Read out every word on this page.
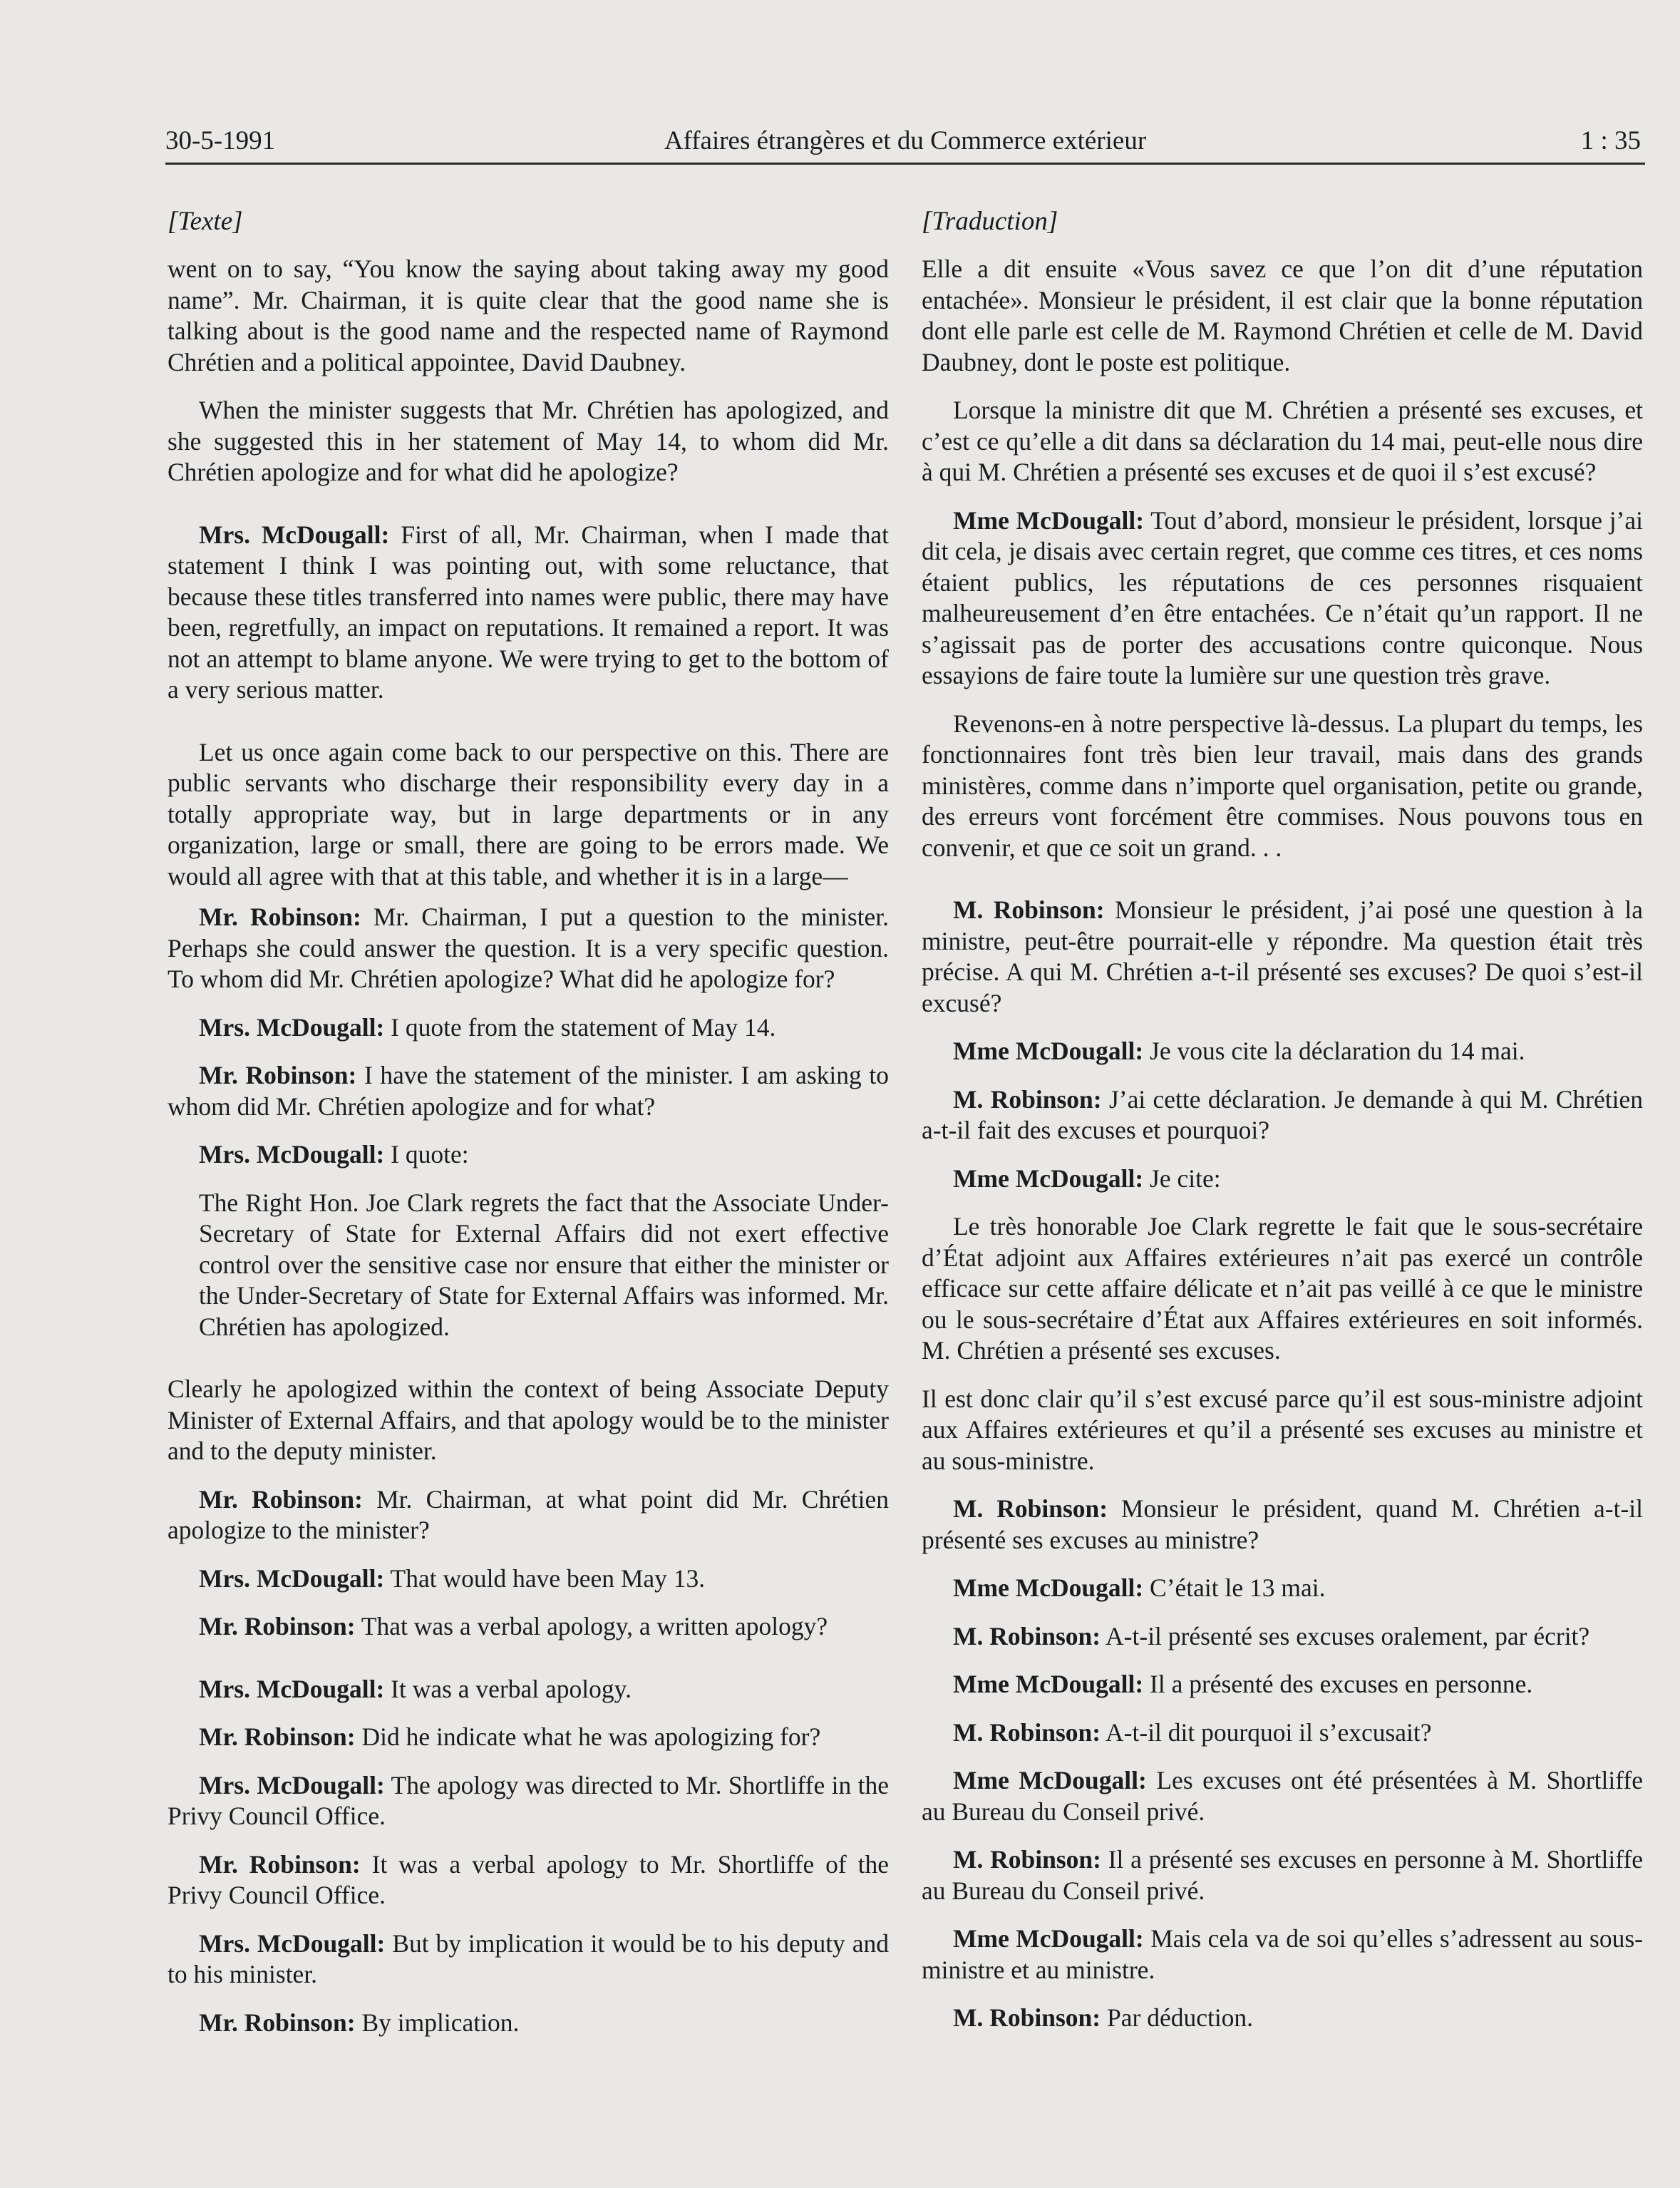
30-5-1991	Affaires étrangères et du Commerce extérieur	1 : 35
[Texte]

went on to say, “You know the saying about taking away my good name”. Mr. Chairman, it is quite clear that the good name she is talking about is the good name and the respected name of Raymond Chrétien and a political appointee, David Daubney.

When the minister suggests that Mr. Chrétien has apologized, and she suggested this in her statement of May 14, to whom did Mr. Chrétien apologize and for what did he apologize?

Mrs. McDougall: First of all, Mr. Chairman, when I made that statement I think I was pointing out, with some reluctance, that because these titles transferred into names were public, there may have been, regretfully, an impact on reputations. It remained a report. It was not an attempt to blame anyone. We were trying to get to the bottom of a very serious matter.

Let us once again come back to our perspective on this. There are public servants who discharge their responsibility every day in a totally appropriate way, but in large departments or in any organization, large or small, there are going to be errors made. We would all agree with that at this table, and whether it is in a large—

Mr. Robinson: Mr. Chairman, I put a question to the minister. Perhaps she could answer the question. It is a very specific question. To whom did Mr. Chrétien apologize? What did he apologize for?

Mrs. McDougall: I quote from the statement of May 14.

Mr. Robinson: I have the statement of the minister. I am asking to whom did Mr. Chrétien apologize and for what?

Mrs. McDougall: I quote:

The Right Hon. Joe Clark regrets the fact that the Associate Under-Secretary of State for External Affairs did not exert effective control over the sensitive case nor ensure that either the minister or the Under-Secretary of State for External Affairs was informed. Mr. Chrétien has apologized.

Clearly he apologized within the context of being Associate Deputy Minister of External Affairs, and that apology would be to the minister and to the deputy minister.

Mr. Robinson: Mr. Chairman, at what point did Mr. Chrétien apologize to the minister?

Mrs. McDougall: That would have been May 13.

Mr. Robinson: That was a verbal apology, a written apology?

Mrs. McDougall: It was a verbal apology.

Mr. Robinson: Did he indicate what he was apologizing for?

Mrs. McDougall: The apology was directed to Mr. Shortliffe in the Privy Council Office.

Mr. Robinson: It was a verbal apology to Mr. Shortliffe of the Privy Council Office.

Mrs. McDougall: But by implication it would be to his deputy and to his minister.

Mr. Robinson: By implication.

[Traduction]

Elle a dit ensuite «Vous savez ce que l’on dit d’une réputation entachée». Monsieur le président, il est clair que la bonne réputation dont elle parle est celle de M. Raymond Chrétien et celle de M. David Daubney, dont le poste est politique.

Lorsque la ministre dit que M. Chrétien a présenté ses excuses, et c’est ce qu’elle a dit dans sa déclaration du 14 mai, peut-elle nous dire à qui M. Chrétien a présenté ses excuses et de quoi il s’est excusé?

Mme McDougall: Tout d’abord, monsieur le président, lorsque j’ai dit cela, je disais avec certain regret, que comme ces titres, et ces noms étaient publics, les réputations de ces personnes risquaient malheureusement d’en être entachées. Ce n’était qu’un rapport. Il ne s’agissait pas de porter des accusations contre quiconque. Nous essayions de faire toute la lumière sur une question très grave.

Revenons-en à notre perspective là-dessus. La plupart du temps, les fonctionnaires font très bien leur travail, mais dans des grands ministères, comme dans n’importe quel organisation, petite ou grande, des erreurs vont forcément être commises. Nous pouvons tous en convenir, et que ce soit un grand. . .

M. Robinson: Monsieur le président, j’ai posé une question à la ministre, peut-être pourrait-elle y répondre. Ma question était très précise. A qui M. Chrétien a-t-il présenté ses excuses? De quoi s’est-il excusé?

Mme McDougall: Je vous cite la déclaration du 14 mai.

M. Robinson: J’ai cette déclaration. Je demande à qui M. Chrétien a-t-il fait des excuses et pourquoi?

Mme McDougall: Je cite:

Le très honorable Joe Clark regrette le fait que le sous-secrétaire d’État adjoint aux Affaires extérieures n’ait pas exercé un contrôle efficace sur cette affaire délicate et n’ait pas veillé à ce que le ministre ou le sous-secrétaire d’État aux Affaires extérieures en soit informés. M. Chrétien a présenté ses excuses.

Il est donc clair qu’il s’est excusé parce qu’il est sous-ministre adjoint aux Affaires extérieures et qu’il a présenté ses excuses au ministre et au sous-ministre.

M. Robinson: Monsieur le président, quand M. Chrétien a-t-il présenté ses excuses au ministre?

Mme McDougall: C’était le 13 mai.

M. Robinson: A-t-il présenté ses excuses oralement, par écrit?

Mme McDougall: Il a présenté des excuses en personne.

M. Robinson: A-t-il dit pourquoi il s’excusait?

Mme McDougall: Les excuses ont été présentées à M. Shortliffe au Bureau du Conseil privé.

M. Robinson: Il a présenté ses excuses en personne à M. Shortliffe au Bureau du Conseil privé.

Mme McDougall: Mais cela va de soi qu’elles s’adressent au sous-ministre et au ministre.

M. Robinson: Par déduction.
